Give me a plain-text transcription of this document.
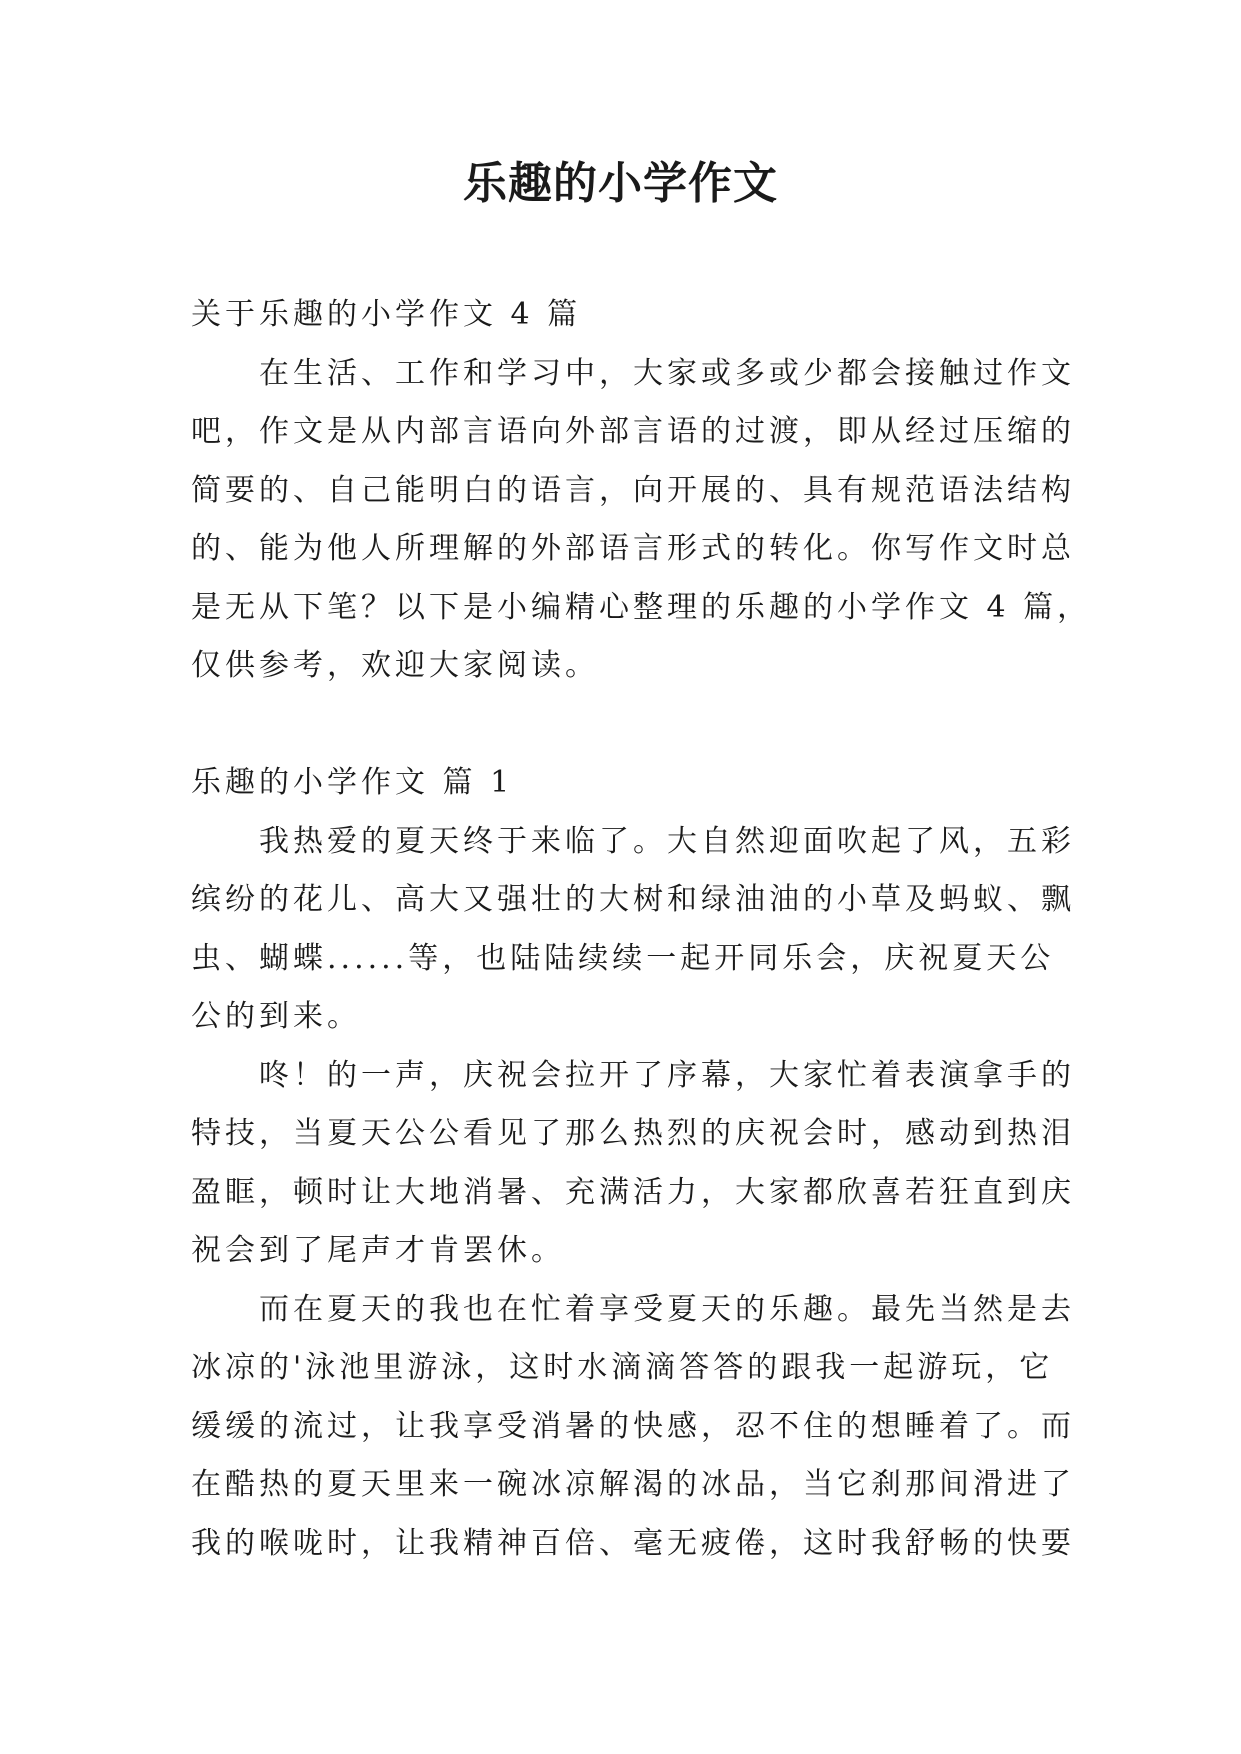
乐趣的小学作文
关于乐趣的小学作文 4 篇
　　在生活、工作和学习中，大家或多或少都会接触过作文
吧，作文是从内部言语向外部言语的过渡，即从经过压缩的
简要的、自己能明白的语言，向开展的、具有规范语法结构
的、能为他人所理解的外部语言形式的转化。你写作文时总
是无从下笔？以下是小编精心整理的乐趣的小学作文 4 篇，
仅供参考，欢迎大家阅读。
乐趣的小学作文 篇 1
　　我热爱的夏天终于来临了。大自然迎面吹起了风，五彩
缤纷的花儿、高大又强壮的大树和绿油油的小草及蚂蚁、飘
虫、蝴蝶......等，也陆陆续续一起开同乐会，庆祝夏天公
公的到来。
　　咚！的一声，庆祝会拉开了序幕，大家忙着表演拿手的
特技，当夏天公公看见了那么热烈的庆祝会时，感动到热泪
盈眶，顿时让大地消暑、充满活力，大家都欣喜若狂直到庆
祝会到了尾声才肯罢休。
　　而在夏天的我也在忙着享受夏天的乐趣。最先当然是去
冰凉的'泳池里游泳，这时水滴滴答答的跟我一起游玩，它
缓缓的流过，让我享受消暑的快感，忍不住的想睡着了。而
在酷热的夏天里来一碗冰凉解渴的冰品，当它刹那间滑进了
我的喉咙时，让我精神百倍、毫无疲倦，这时我舒畅的快要
